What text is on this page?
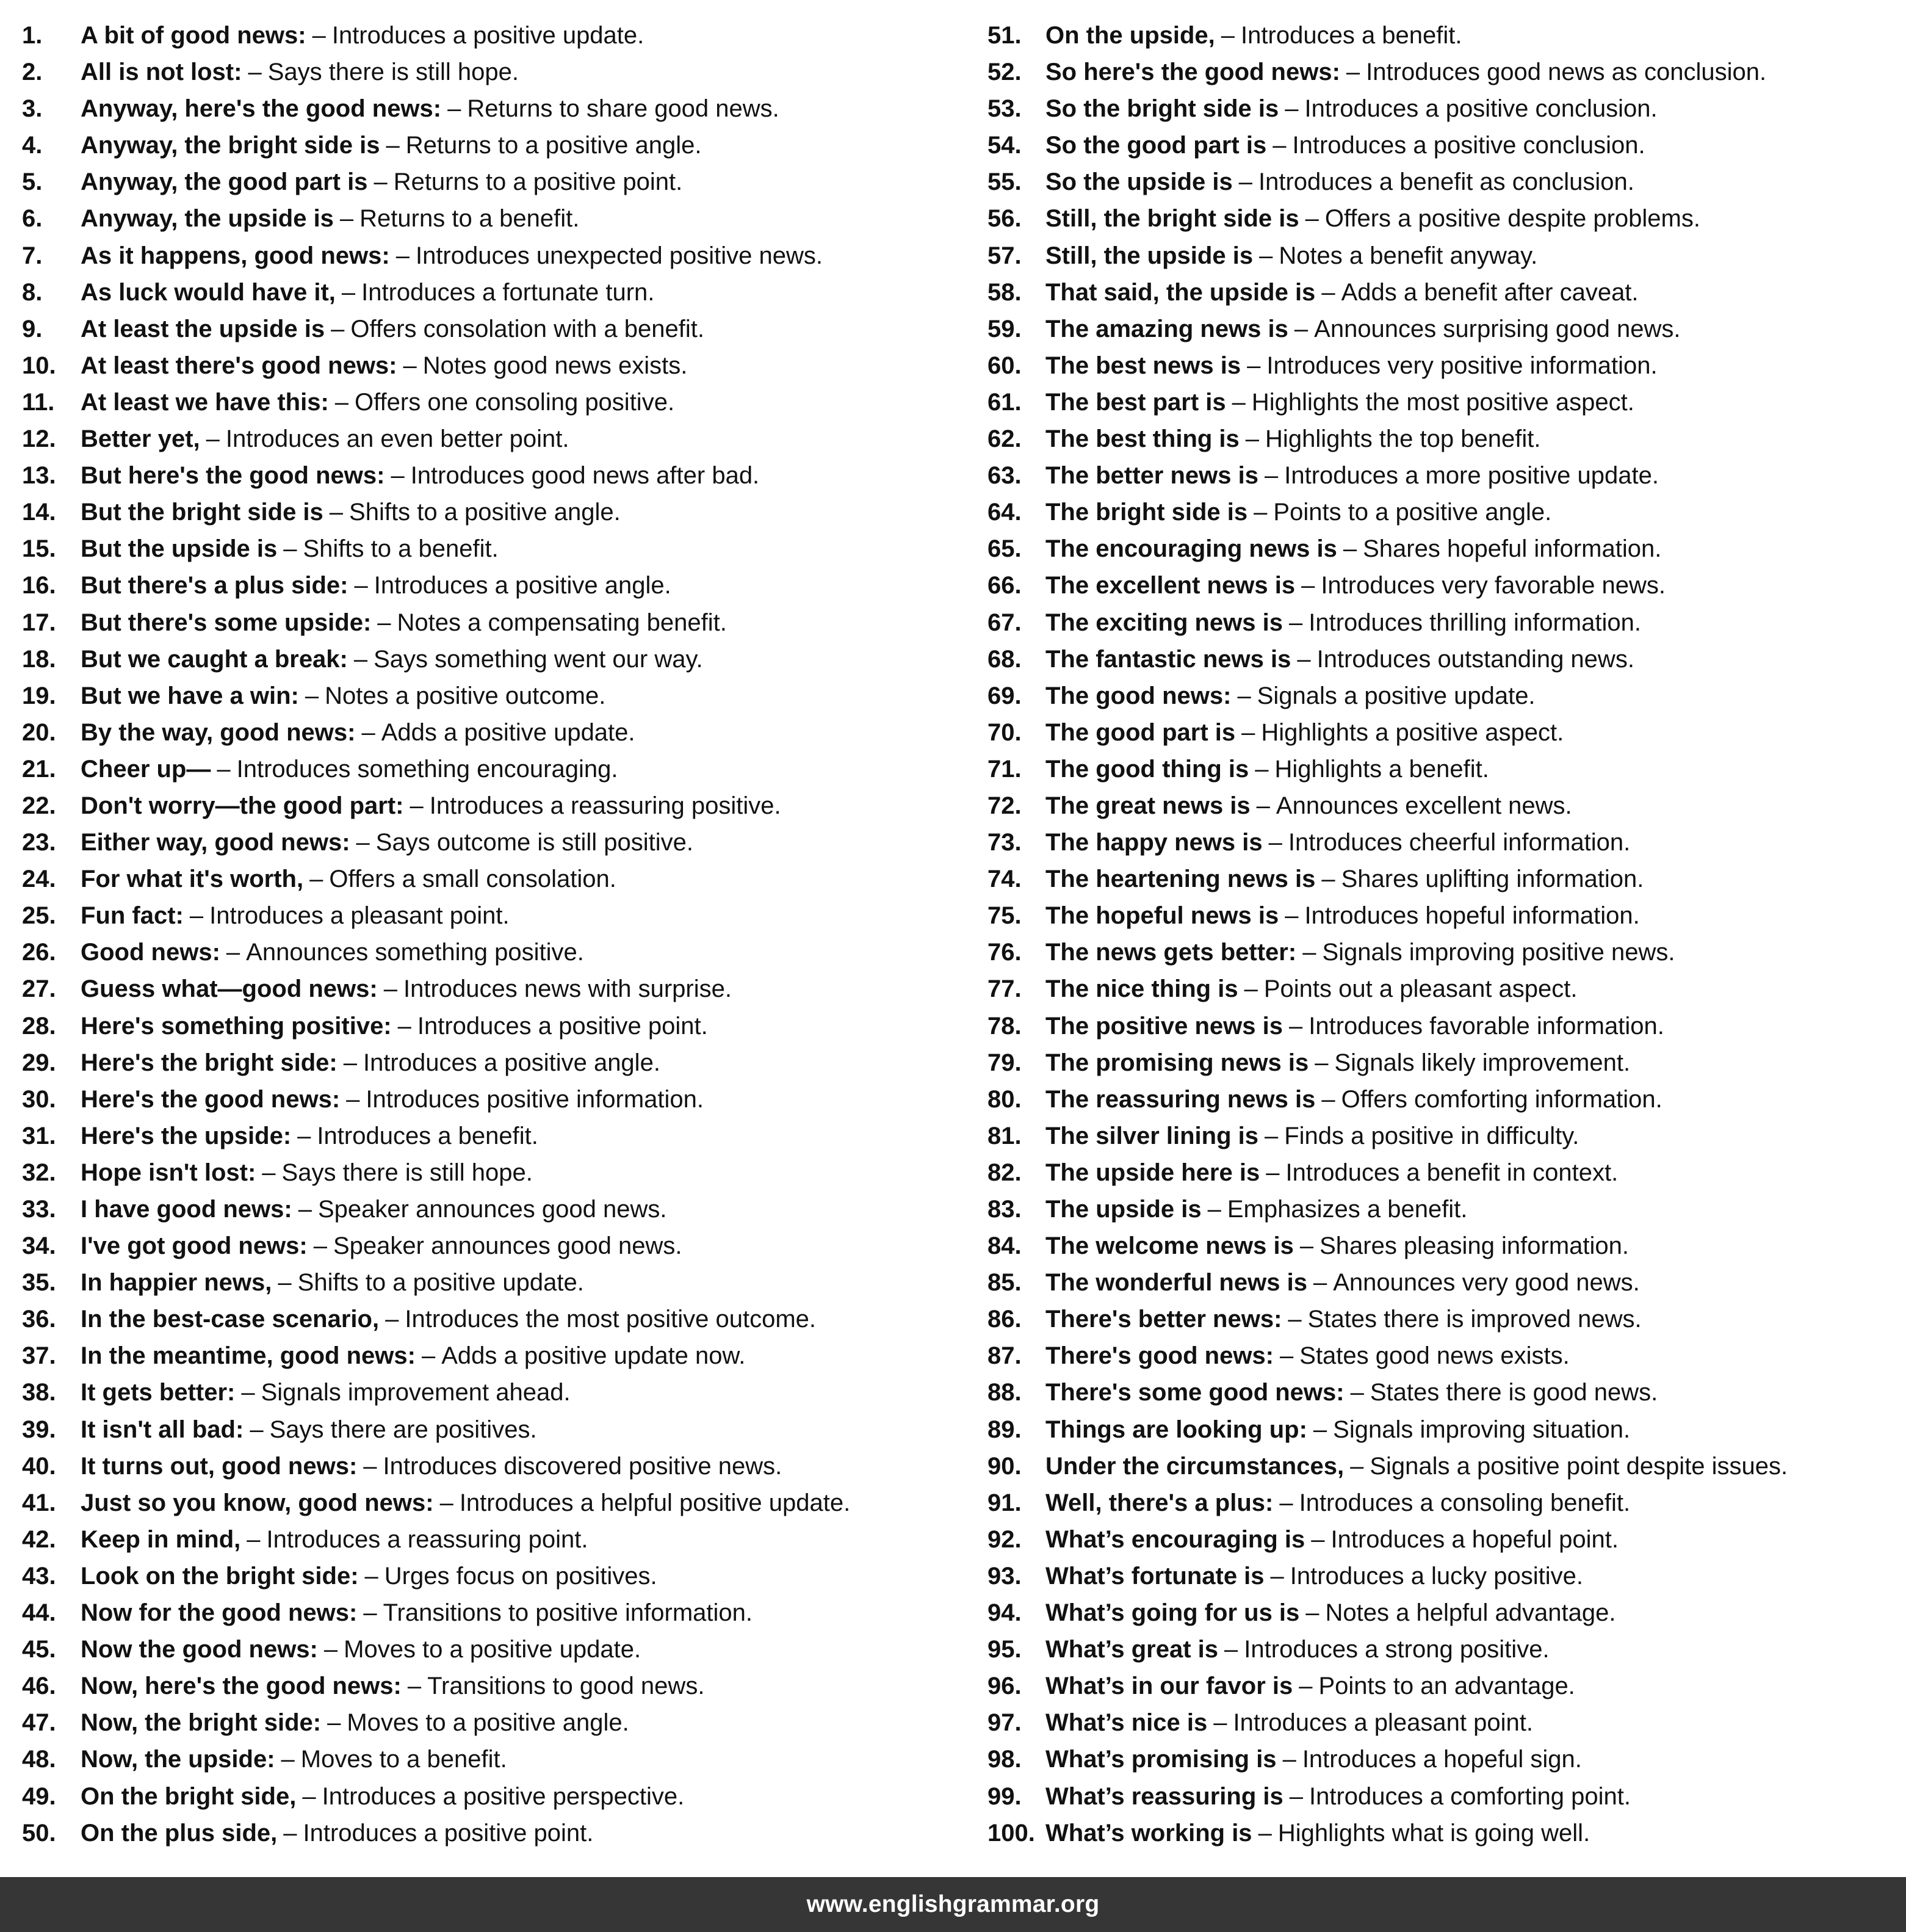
1.	A bit of good news: – Introduces a positive update.
2.	All is not lost: – Says there is still hope.
3.	Anyway, here's the good news: – Returns to share good news.
4.	Anyway, the bright side is – Returns to a positive angle.
5.	Anyway, the good part is – Returns to a positive point.
6.	Anyway, the upside is – Returns to a benefit.
7.	As it happens, good news: – Introduces unexpected positive news.
8.	As luck would have it, – Introduces a fortunate turn.
9.	At least the upside is – Offers consolation with a benefit.
10.	At least there's good news: – Notes good news exists.
11.	At least we have this: – Offers one consoling positive.
12.	Better yet, – Introduces an even better point.
13.	But here's the good news: – Introduces good news after bad.
14.	But the bright side is – Shifts to a positive angle.
15.	But the upside is – Shifts to a benefit.
16.	But there's a plus side: – Introduces a positive angle.
17.	But there's some upside: – Notes a compensating benefit.
18.	But we caught a break: – Says something went our way.
19.	But we have a win: – Notes a positive outcome.
20.	By the way, good news: – Adds a positive update.
21.	Cheer up— – Introduces something encouraging.
22.	Don't worry—the good part: – Introduces a reassuring positive.
23.	Either way, good news: – Says outcome is still positive.
24.	For what it's worth, – Offers a small consolation.
25.	Fun fact: – Introduces a pleasant point.
26.	Good news: – Announces something positive.
27.	Guess what—good news: – Introduces news with surprise.
28.	Here's something positive: – Introduces a positive point.
29.	Here's the bright side: – Introduces a positive angle.
30.	Here's the good news: – Introduces positive information.
31.	Here's the upside: – Introduces a benefit.
32.	Hope isn't lost: – Says there is still hope.
33.	I have good news: – Speaker announces good news.
34.	I've got good news: – Speaker announces good news.
35.	In happier news, – Shifts to a positive update.
36.	In the best-case scenario, – Introduces the most positive outcome.
37.	In the meantime, good news: – Adds a positive update now.
38.	It gets better: – Signals improvement ahead.
39.	It isn't all bad: – Says there are positives.
40.	It turns out, good news: – Introduces discovered positive news.
41.	Just so you know, good news: – Introduces a helpful positive update.
42.	Keep in mind, – Introduces a reassuring point.
43.	Look on the bright side: – Urges focus on positives.
44.	Now for the good news: – Transitions to positive information.
45.	Now the good news: – Moves to a positive update.
46.	Now, here's the good news: – Transitions to good news.
47.	Now, the bright side: – Moves to a positive angle.
48.	Now, the upside: – Moves to a benefit.
49.	On the bright side, – Introduces a positive perspective.
50.	On the plus side, – Introduces a positive point.
51. On the upside, – Introduces a benefit.
52. So here's the good news: – Introduces good news as conclusion.
53. So the bright side is – Introduces a positive conclusion.
54. So the good part is – Introduces a positive conclusion.
55. So the upside is – Introduces a benefit as conclusion.
56. Still, the bright side is – Offers a positive despite problems.
57. Still, the upside is – Notes a benefit anyway.
58. That said, the upside is – Adds a benefit after caveat.
59. The amazing news is – Announces surprising good news.
60. The best news is – Introduces very positive information.
61. The best part is – Highlights the most positive aspect.
62. The best thing is – Highlights the top benefit.
63. The better news is – Introduces a more positive update.
64. The bright side is – Points to a positive angle.
65. The encouraging news is – Shares hopeful information.
66. The excellent news is – Introduces very favorable news.
67. The exciting news is – Introduces thrilling information.
68. The fantastic news is – Introduces outstanding news.
69. The good news: – Signals a positive update.
70. The good part is – Highlights a positive aspect.
71. The good thing is – Highlights a benefit.
72. The great news is – Announces excellent news.
73. The happy news is – Introduces cheerful information.
74. The heartening news is – Shares uplifting information.
75. The hopeful news is – Introduces hopeful information.
76. The news gets better: – Signals improving positive news.
77. The nice thing is – Points out a pleasant aspect.
78. The positive news is – Introduces favorable information.
79. The promising news is – Signals likely improvement.
80. The reassuring news is – Offers comforting information.
81. The silver lining is – Finds a positive in difficulty.
82. The upside here is – Introduces a benefit in context.
83. The upside is – Emphasizes a benefit.
84. The welcome news is – Shares pleasing information.
85. The wonderful news is – Announces very good news.
86. There's better news: – States there is improved news.
87. There's good news: – States good news exists.
88. There's some good news: – States there is good news.
89. Things are looking up: – Signals improving situation.
90. Under the circumstances, – Signals a positive point despite issues.
91. Well, there's a plus: – Introduces a consoling benefit.
92. What’s encouraging is – Introduces a hopeful point.
93. What’s fortunate is – Introduces a lucky positive.
94. What’s going for us is – Notes a helpful advantage.
95. What’s great is – Introduces a strong positive.
96. What’s in our favor is – Points to an advantage.
97. What’s nice is – Introduces a pleasant point.
98. What’s promising is – Introduces a hopeful sign.
99. What’s reassuring is – Introduces a comforting point.
100. What’s working is – Highlights what is going well.
www.englishgrammar.org
